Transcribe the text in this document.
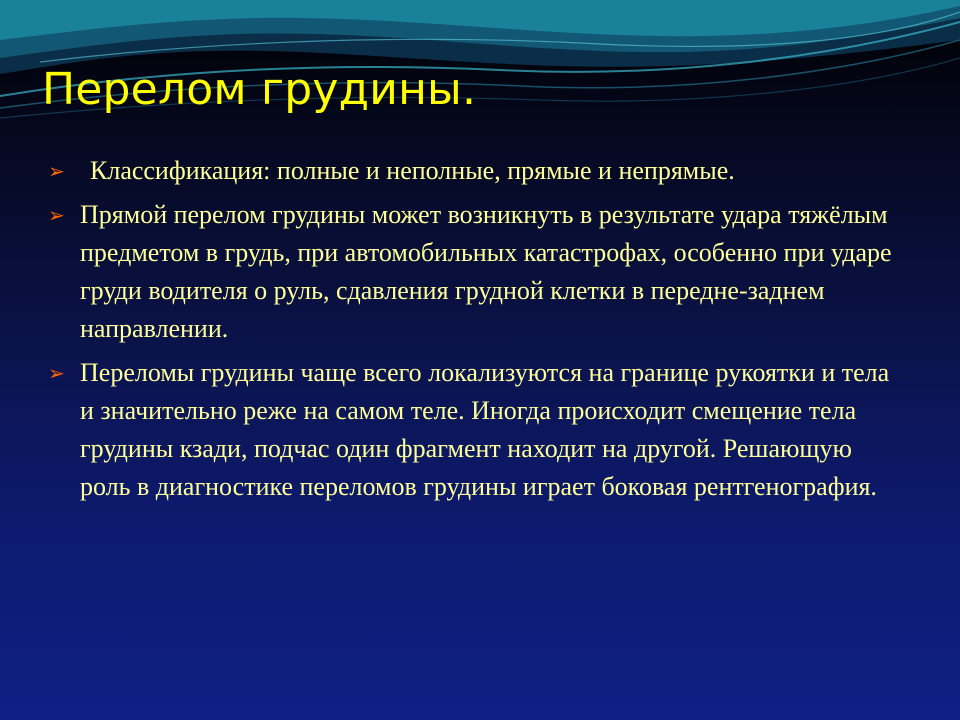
Перелом грудины.
➢ Классификация: полные и неполные, прямые и непрямые.
➢ Прямой перелом грудины может возникнуть в результате удара тяжёлым предметом в грудь, при автомобильных катастрофах, особенно при ударе груди водителя о руль, сдавления грудной клетки в передне-заднем направлении.
➢ Переломы грудины чаще всего локализуются на границе рукоятки и тела и значительно реже на самом теле. Иногда происходит смещение тела грудины кзади, подчас один фрагмент находит на другой. Решающую роль в диагностике переломов грудины играет боковая рентгенография.
